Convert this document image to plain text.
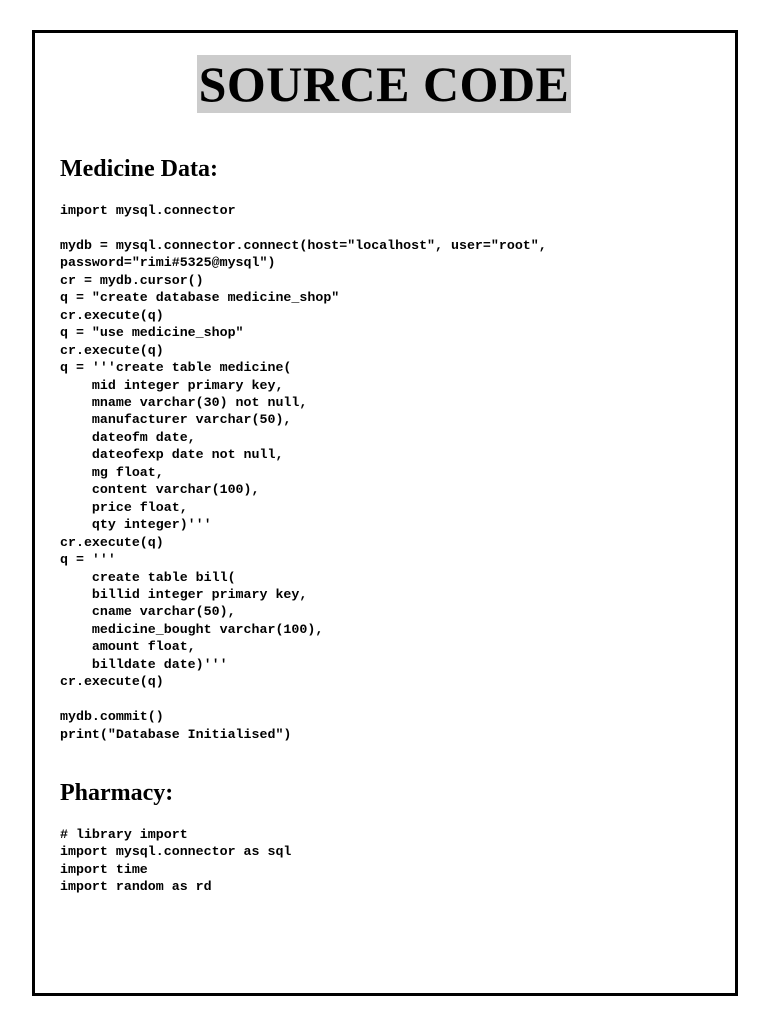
SOURCE CODE
Medicine Data:
import mysql.connector
mydb = mysql.connector.connect(host="localhost", user="root",
password="rimi#5325@mysql")
cr = mydb.cursor()
q = "create database medicine_shop"
cr.execute(q)
q = "use medicine_shop"
cr.execute(q)
q = '''create table medicine(
mid integer primary key,
mname varchar(30) not null,
manufacturer varchar(50),
dateofm date,
dateofexp date not null,
mg float,
content varchar(100),
price float,
qty integer)'''
cr.execute(q)
q = '''
create table bill(
billid integer primary key,
cname varchar(50),
medicine_bought varchar(100),
amount float,
billdate date)'''
cr.execute(q)
mydb.commit()
print("Database Initialised")
Pharmacy:
# library import
import mysql.connector as sql
import time
import random as rd
